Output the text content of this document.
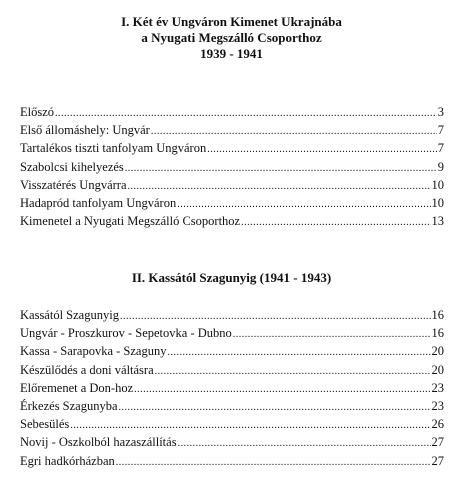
I. Két év Ungváron Kimenet Ukrajnába
a Nyugati Megszálló Csoporthoz
1939 - 1941
Előszó .....	3
Első állomáshely: Ungvár .....	7
Tartalékos tiszti tanfolyam Ungváron .....	7
Szabolcsi kihelyezés .....	9
Visszatérés Ungvárra .....	10
Hadapród tanfolyam Ungváron .....	10
Kimenetel a Nyugati Megszálló Csoporthoz .....	13
II. Kassától Szagunyig (1941 - 1943)
Kassától Szagunyig .....	16
Ungvár - Proszkurov - Sepetovka - Dubno .....	16
Kassa - Sarapovka - Szaguny .....	20
Készülődés a doni váltásra .....	20
Előremenet a Don-hoz .....	23
Érkezés Szagunyba .....	23
Sebesülés .....	26
Novij - Oszkolból hazaszállítás .....	27
Egri hadkórházban .....	27
